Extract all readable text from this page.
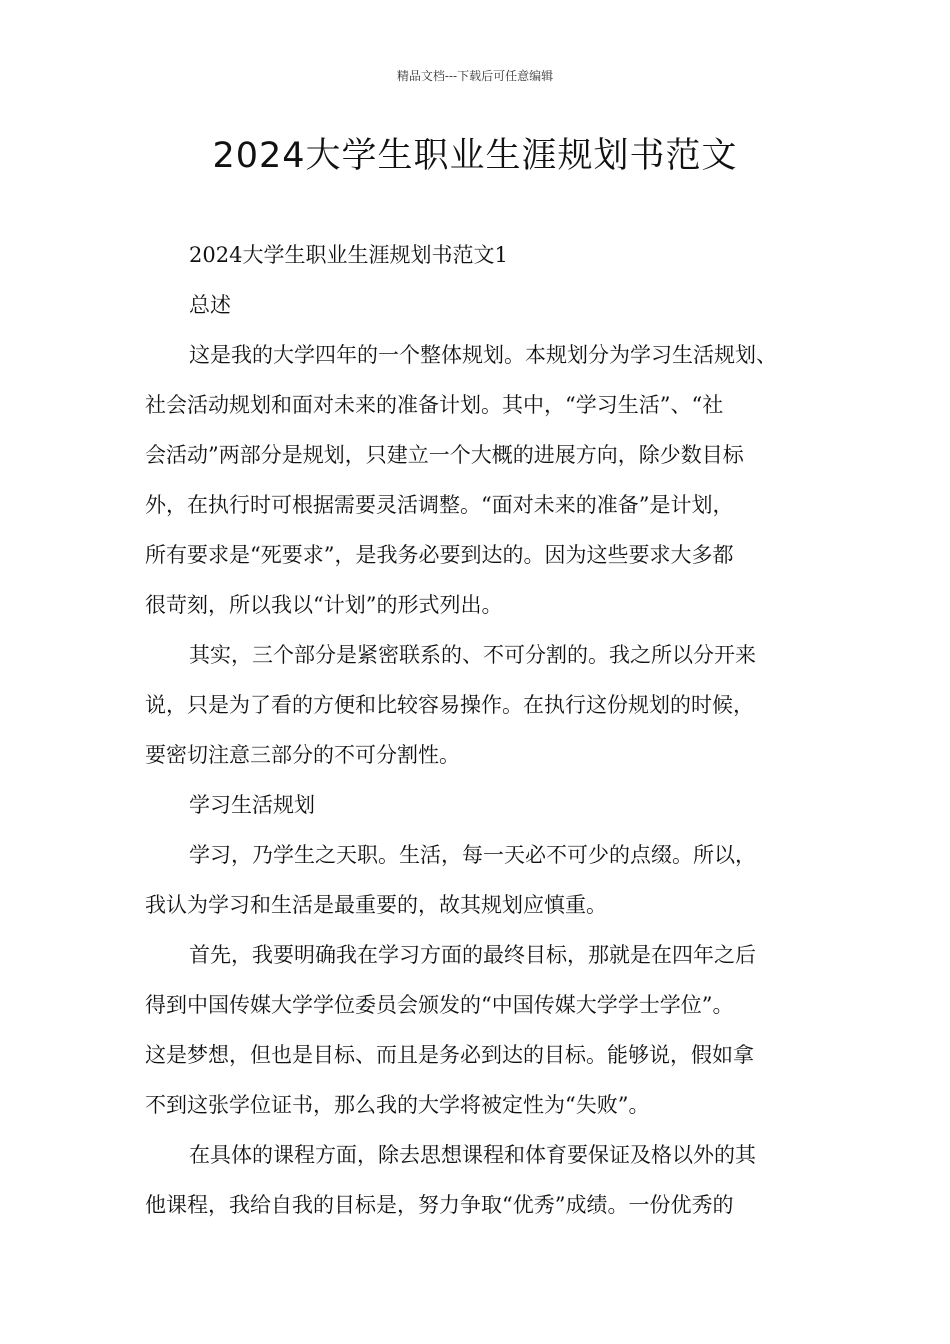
精品文档---下载后可任意编辑
2024大学生职业生涯规划书范文
2024大学生职业生涯规划书范文1
总述
这是我的大学四年的一个整体规划。本规划分为学习生活规划、
社会活动规划和面对未来的准备计划。其中，“学习生活”、“社
会活动”两部分是规划，只建立一个大概的进展方向，除少数目标
外，在执行时可根据需要灵活调整。“面对未来的准备”是计划，
所有要求是“死要求”，是我务必要到达的。因为这些要求大多都
很苛刻，所以我以“计划”的形式列出。
其实，三个部分是紧密联系的、不可分割的。我之所以分开来
说，只是为了看的方便和比较容易操作。在执行这份规划的时候，
要密切注意三部分的不可分割性。
学习生活规划
学习，乃学生之天职。生活，每一天必不可少的点缀。所以，
我认为学习和生活是最重要的，故其规划应慎重。
首先，我要明确我在学习方面的最终目标，那就是在四年之后
得到中国传媒大学学位委员会颁发的“中国传媒大学学士学位”。
这是梦想，但也是目标、而且是务必到达的目标。能够说，假如拿
不到这张学位证书，那么我的大学将被定性为“失败”。
在具体的课程方面，除去思想课程和体育要保证及格以外的其
他课程，我给自我的目标是，努力争取“优秀”成绩。一份优秀的
